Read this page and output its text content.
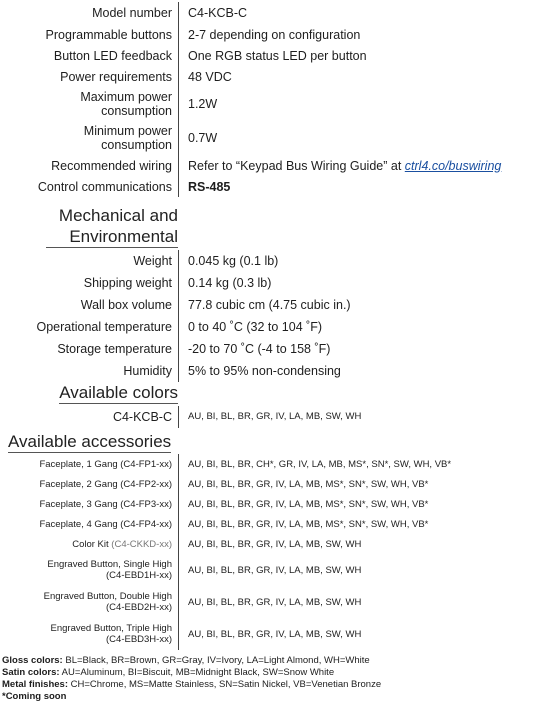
Model number	C4-KCB-C
Programmable buttons	2-7 depending on configuration
Button LED feedback	One RGB status LED per button
Power requirements	48 VDC
Maximum power consumption	1.2W
Minimum power consumption	0.7W
Recommended wiring	Refer to “Keypad Bus Wiring Guide” at
ctrl4.co/buswiring
Control communications	RS-485
Mechanical and Environmental
Weight	0.045 kg (0.1 lb)
Shipping weight	0.14 kg (0.3 lb)
Wall box volume	77.8 cubic cm (4.75 cubic in.)
Operational temperature	0 to 40 ˚C (32 to 104 ˚F)
Storage temperature	-20 to 70 ˚C (-4 to 158 ˚F)
Humidity	5% to 95% non-condensing
Available colors
C4-KCB-C	AU, BI, BL, BR, GR, IV, LA, MB, SW, WH
Available accessories
Faceplate, 1 Gang (C4-FP1-xx)	AU, BI, BL, BR, CH*, GR, IV, LA, MB, MS*, SN*, SW, WH, VB*
Faceplate, 2 Gang (C4-FP2-xx)	AU, BI, BL, BR, GR, IV, LA, MB, MS*, SN*, SW, WH, VB*
Faceplate, 3 Gang (C4-FP3-xx)	AU, BI, BL, BR, GR, IV, LA, MB, MS*, SN*, SW, WH, VB*
Faceplate, 4 Gang (C4-FP4-xx)	AU, BI, BL, BR, GR, IV, LA, MB, MS*, SN*, SW, WH, VB*
Color Kit (C4-CKKD-xx)	AU, BI, BL, BR, GR, IV, LA, MB, SW, WH
Engraved Button, Single High (C4-EBD1H-xx)	AU, BI, BL, BR, GR, IV, LA, MB, SW, WH
Engraved Button, Double High (C4-EBD2H-xx)	AU, BI, BL, BR, GR, IV, LA, MB, SW, WH
Engraved Button, Triple High (C4-EBD3H-xx)	AU, BI, BL, BR, GR, IV, LA, MB, SW, WH
Gloss colors: BL=Black, BR=Brown, GR=Gray, IV=Ivory, LA=Light Almond, WH=White
Satin colors: AU=Aluminum, BI=Biscuit, MB=Midnight Black, SW=Snow White
Metal finishes: CH=Chrome, MS=Matte Stainless, SN=Satin Nickel, VB=Venetian Bronze
*Coming soon
